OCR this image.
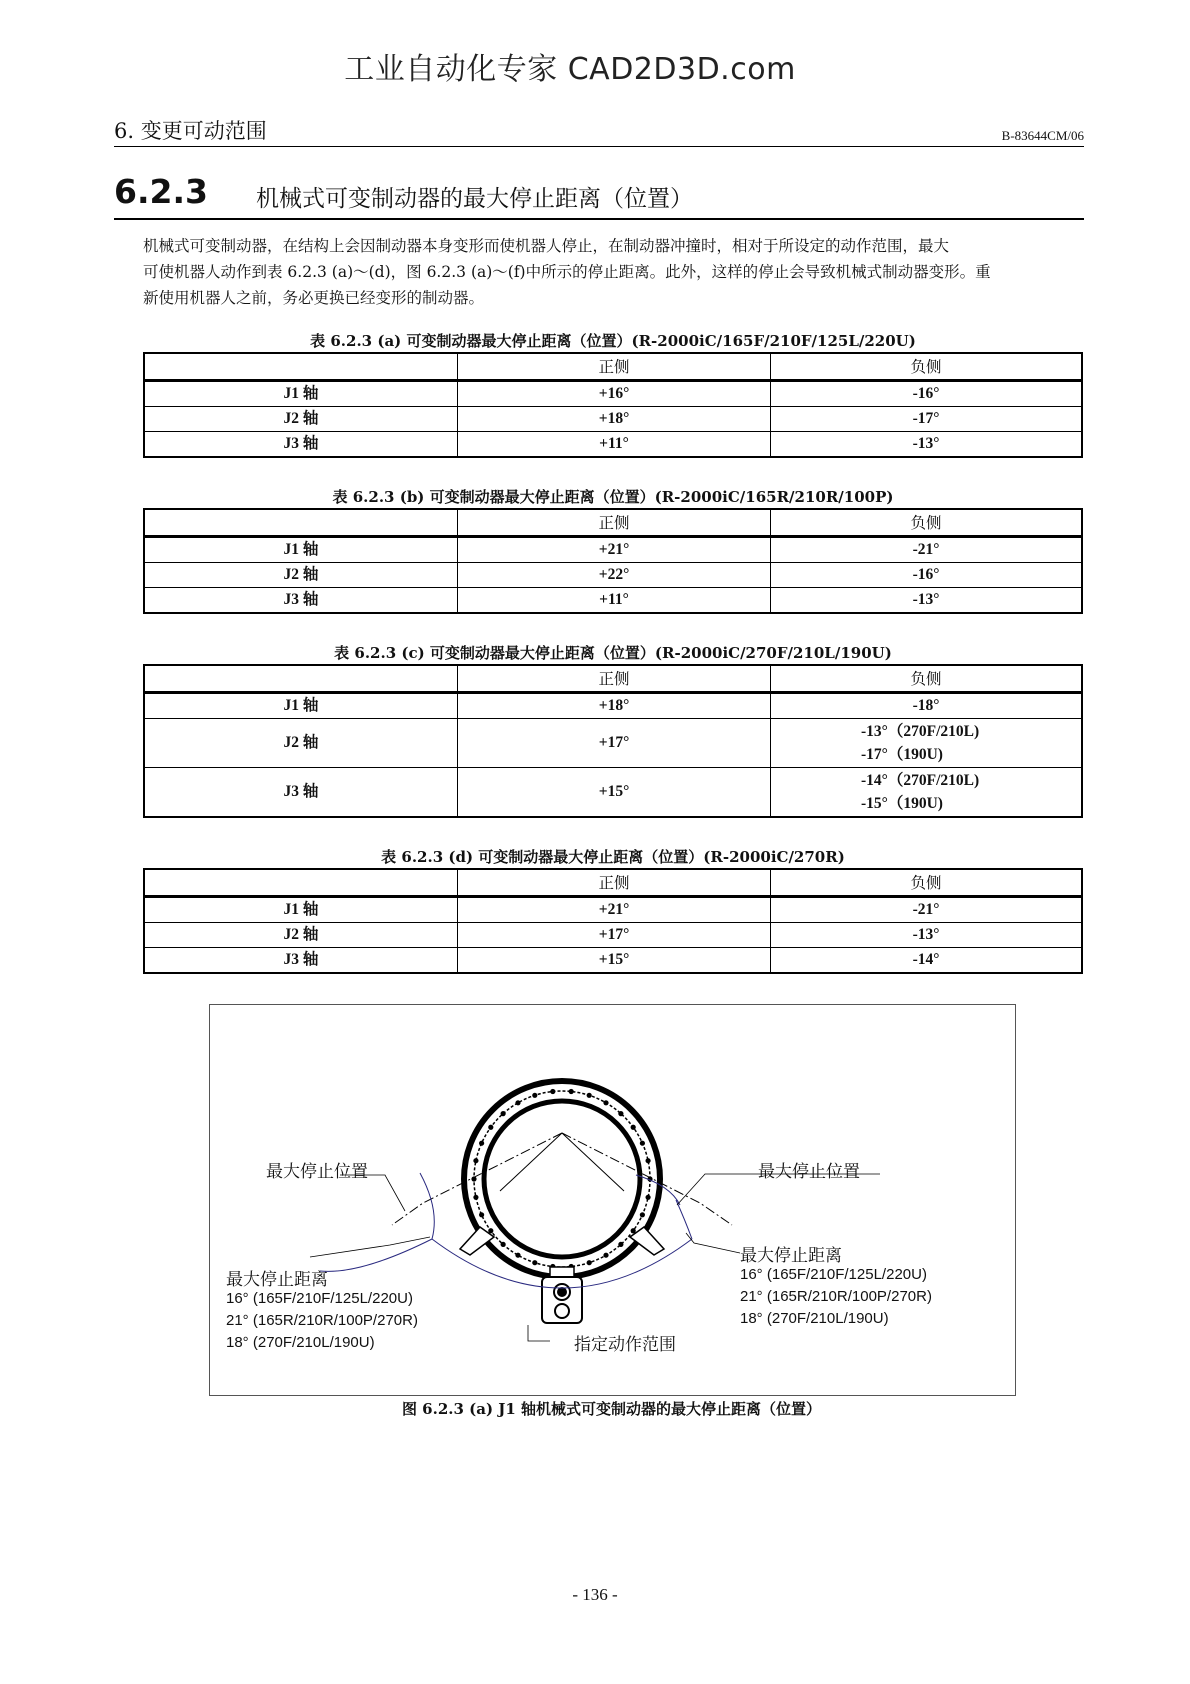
工业自动化专家 CAD2D3D.com
6. 变更可动范围	B-83644CM/06
6.2.3 机械式可变制动器的最大停止距离（位置）
机械式可变制动器，在结构上会因制动器本身变形而使机器人停止，在制动器冲撞时，相对于所设定的动作范围，最大
可使机器人动作到表 6.2.3 (a)～(d)，图 6.2.3 (a)～(f)中所示的停止距离。此外，这样的停止会导致机械式制动器变形。重
新使用机器人之前，务必更换已经变形的制动器。
表 6.2.3 (a) 可变制动器最大停止距离（位置）(R-2000iC/165F/210F/125L/220U)
	正侧	负侧
J1 轴	+16°	-16°
J2 轴	+18°	-17°
J3 轴	+11°	-13°
表 6.2.3 (b) 可变制动器最大停止距离（位置）(R-2000iC/165R/210R/100P)
	正侧	负侧
J1 轴	+21°	-21°
J2 轴	+22°	-16°
J3 轴	+11°	-13°
表 6.2.3 (c) 可变制动器最大停止距离（位置）(R-2000iC/270F/210L/190U)
	正侧	负侧
J1 轴	+18°	-18°
J2 轴	+17°	-13°（270F/210L)
-17°（190U)

J3 轴	+15°	-14°（270F/210L)
-15°（190U)
表 6.2.3 (d) 可变制动器最大停止距离（位置）(R-2000iC/270R)
	正侧	负侧
J1 轴	+21°	-21°
J2 轴	+17°	-13°
J3 轴	+15°	-14°
最大停止位置	最大停止位置
最大停止距离
16° (165F/210F/125L/220U)
21° (165R/210R/100P/270R)
18° (270F/210L/190U)
最大停止距离
16° (165F/210F/125L/220U)
21° (165R/210R/100P/270R)
18° (270F/210L/190U)
指定动作范围
图 6.2.3 (a) J1 轴机械式可变制动器的最大停止距离（位置）
- 136 -
